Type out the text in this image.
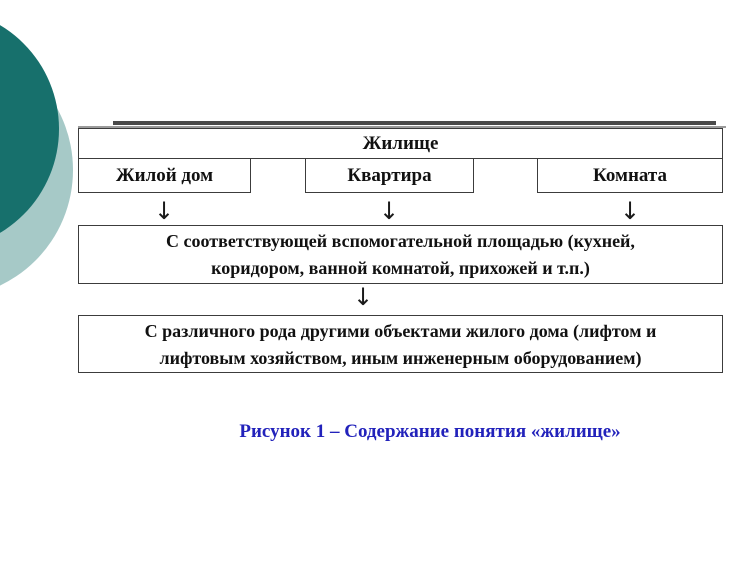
Жилище
Жилой дом	Квартира	Комната
↓	↓	↓
С соответствующей вспомогательной площадью (кухней,
коридором, ванной комнатой, прихожей и т.п.)
↓
С различного рода другими объектами жилого дома (лифтом и
лифтовым хозяйством, иным инженерным оборудованием)
Рисунок 1 – Содержание понятия «жилище»
